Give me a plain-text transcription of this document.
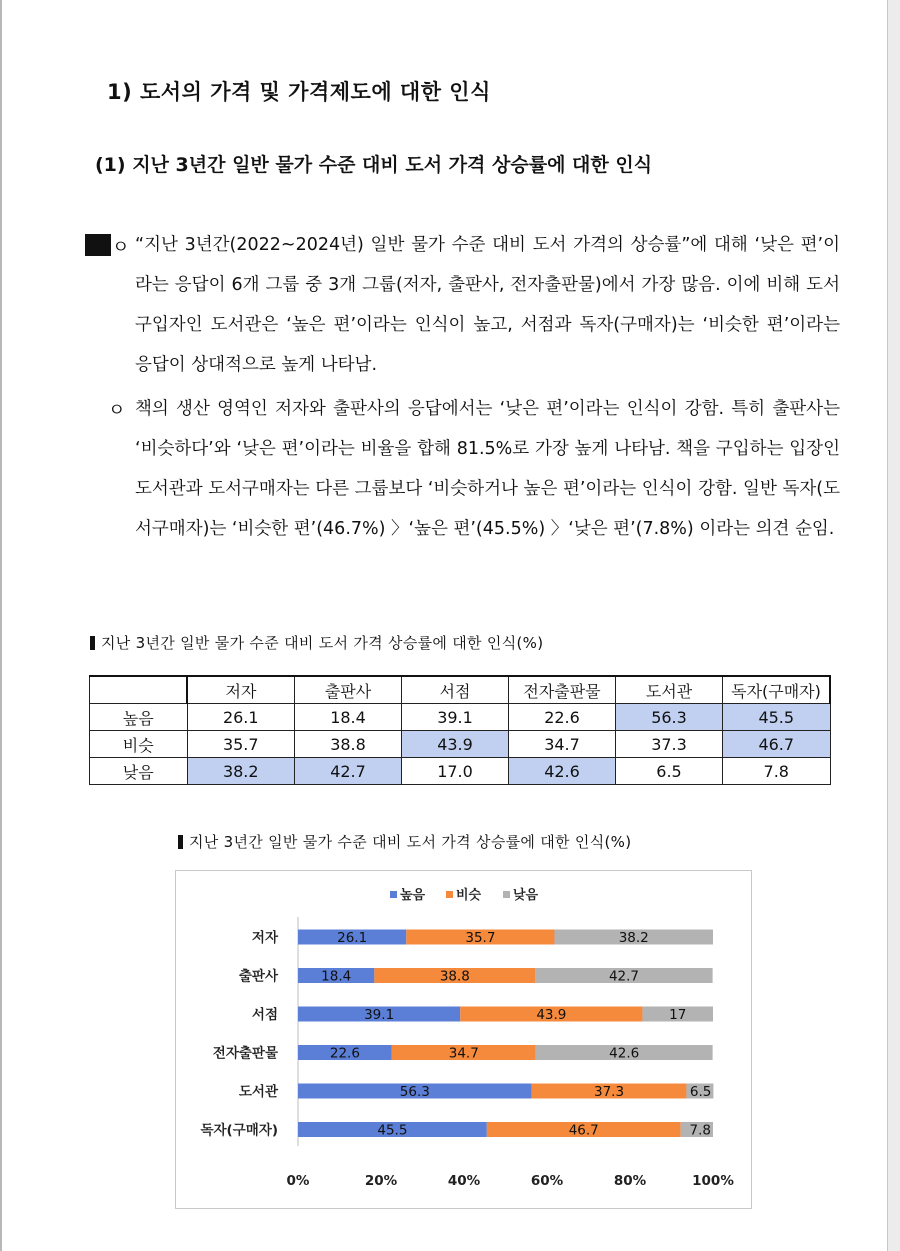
1) 도서의 가격 및 가격제도에 대한 인식
(1) 지난 3년간 일반 물가 수준 대비 도서 가격 상승률에 대한 인식
ㅇ “지난 3년간(2022~2024년) 일반 물가 수준 대비 도서 가격의 상승률”에 대해 ‘낮은 편’이라는 응답이 6개 그룹 중 3개 그룹(저자, 출판사, 전자출판물)에서 가장 많음. 이에 비해 도서 구입자인 도서관은 ‘높은 편’이라는 인식이 높고, 서점과 독자(구매자)는 ‘비슷한 편’이라는 응답이 상대적으로 높게 나타남.
ㅇ 책의 생산 영역인 저자와 출판사의 응답에서는 ‘낮은 편’이라는 인식이 강함. 특히 출판사는 ‘비슷하다’와 ‘낮은 편’이라는 비율을 합해 81.5%로 가장 높게 나타남. 책을 구입하는 입장인 도서관과 도서구매자는 다른 그룹보다 ‘비슷하거나 높은 편’이라는 인식이 강함. 일반 독자(도서구매자)는 ‘비슷한 편’(46.7%) 〉‘높은 편’(45.5%) 〉‘낮은 편’(7.8%) 이라는 의견 순임.
지난 3년간 일반 물가 수준 대비 도서 가격 상승률에 대한 인식(%)
	저자	출판사	서점	전자출판물	도서관	독자(구매자)
높음	26.1	18.4	39.1	22.6	56.3	45.5
비슷	35.7	38.8	43.9	34.7	37.3	46.7
낮음	38.2	42.7	17.0	42.6	6.5	7.8
지난 3년간 일반 물가 수준 대비 도서 가격 상승률에 대한 인식(%)
높음 비슷 낮음
저자	26.1	35.7	38.2
출판사	18.4	38.8	42.7
서점	39.1	43.9	17
전자출판물	22.6	34.7	42.6
도서관	56.3	37.3	6.5
독자(구매자)	45.5	46.7	7.8
0%	20%	40%	60%	80%	100%
